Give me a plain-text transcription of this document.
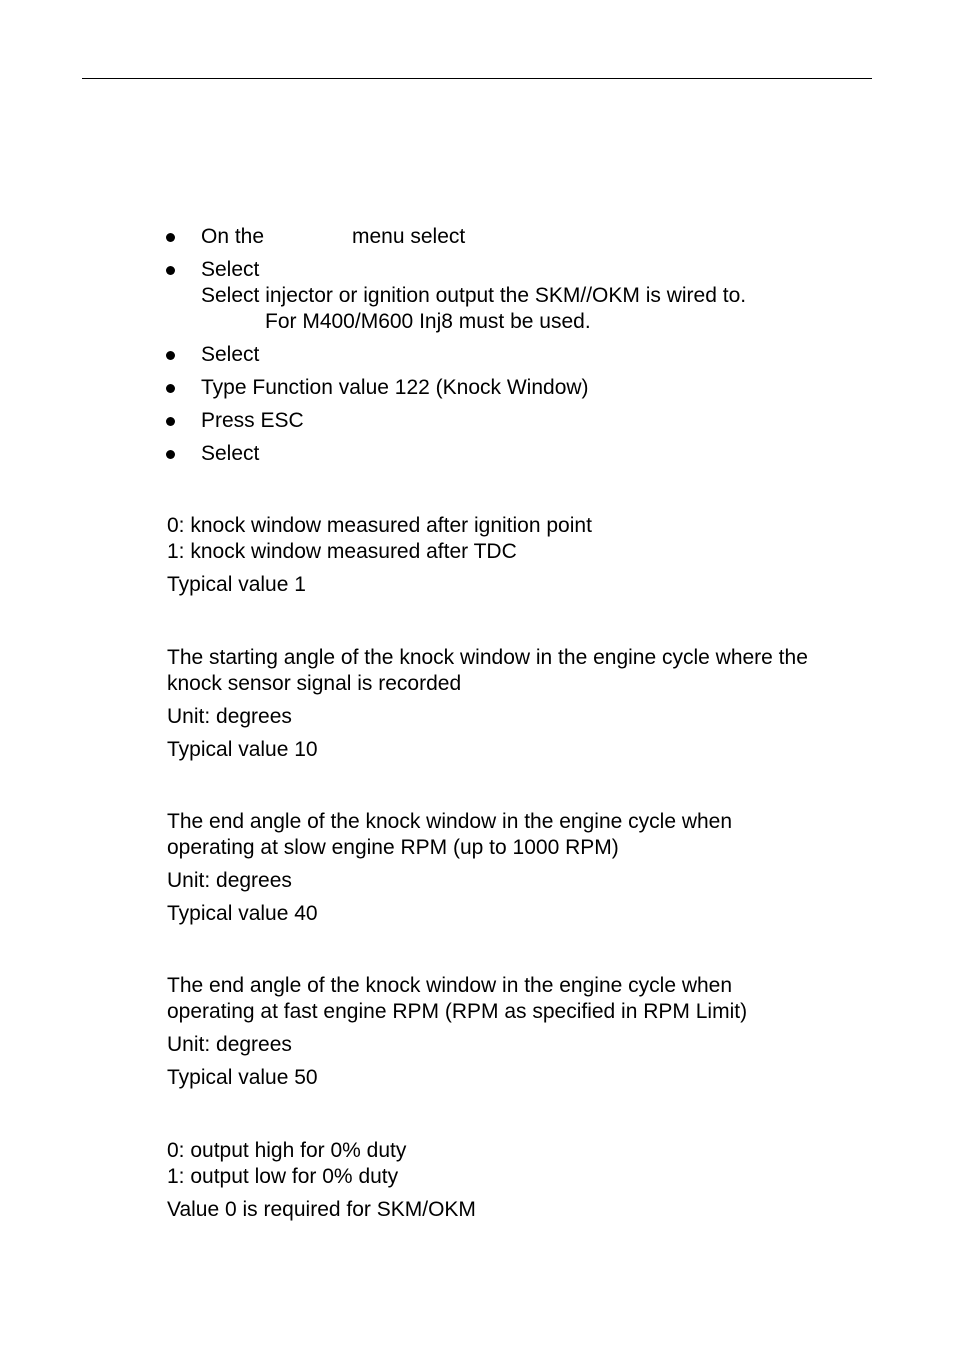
On the	menu select
Select
Select injector or ignition output the SKM//OKM is wired to.
For M400/M600 Inj8 must be used.
Select
Type Function value 122 (Knock Window)
Press ESC
Select
0: knock window measured after ignition point
1: knock window measured after TDC
Typical value 1
The starting angle of the knock window in the engine cycle where the
knock sensor signal is recorded
Unit: degrees
Typical value 10
The end angle of the knock window in the engine cycle when
operating at slow engine RPM (up to 1000 RPM)
Unit: degrees
Typical value 40
The end angle of the knock window in the engine cycle when
operating at fast engine RPM (RPM as specified in RPM Limit)
Unit: degrees
Typical value 50
0: output high for 0% duty
1: output low for 0% duty
Value 0 is required for SKM/OKM
